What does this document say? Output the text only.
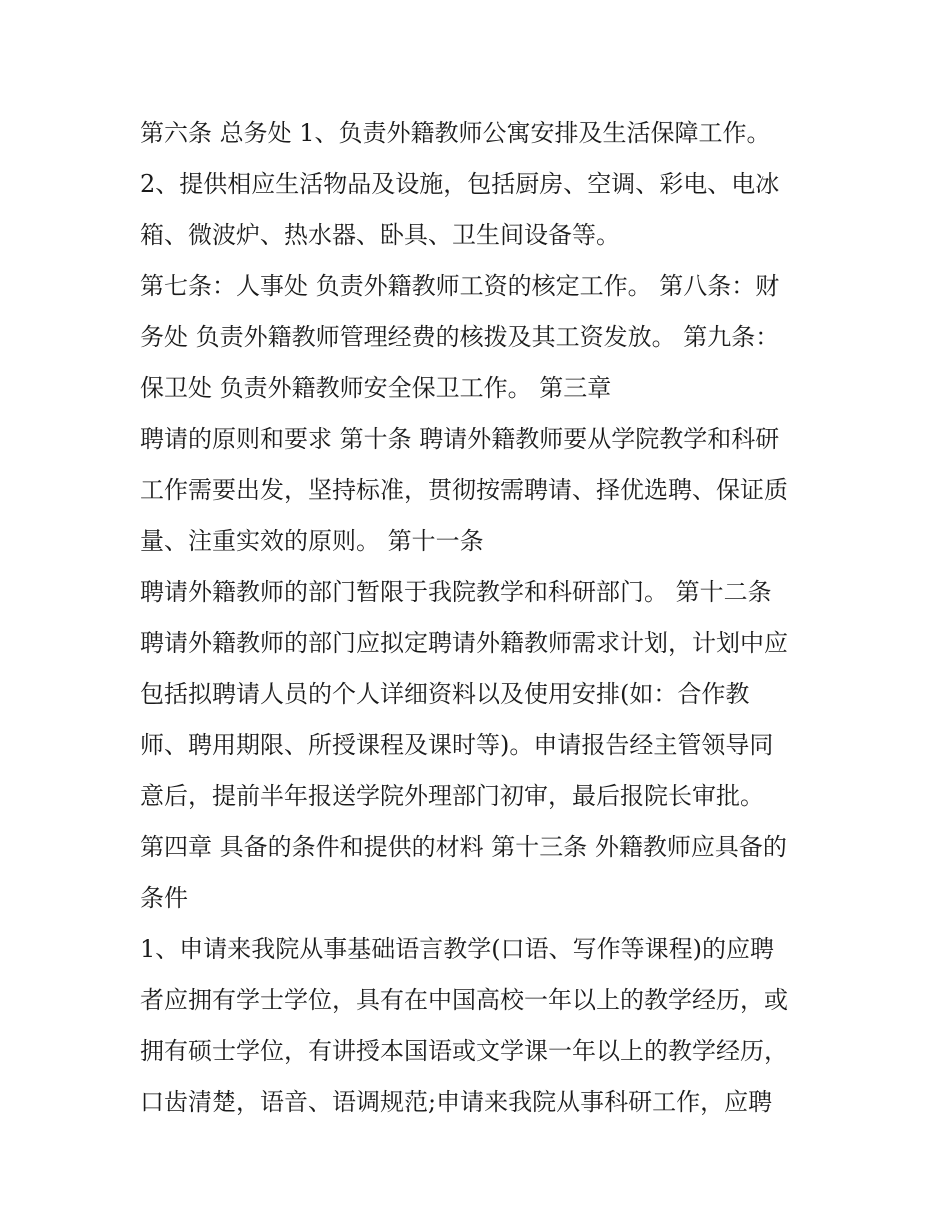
第六条 总务处 1、负责外籍教师公寓安排及生活保障工作。
2、提供相应生活物品及设施，包括厨房、空调、彩电、电冰
箱、微波炉、热水器、卧具、卫生间设备等。
第七条：人事处 负责外籍教师工资的核定工作。 第八条：财
务处 负责外籍教师管理经费的核拨及其工资发放。 第九条：
保卫处 负责外籍教师安全保卫工作。 第三章
聘请的原则和要求 第十条 聘请外籍教师要从学院教学和科研
工作需要出发，坚持标准，贯彻按需聘请、择优选聘、保证质
量、注重实效的原则。 第十一条
聘请外籍教师的部门暂限于我院教学和科研部门。 第十二条
聘请外籍教师的部门应拟定聘请外籍教师需求计划，计划中应
包括拟聘请人员的个人详细资料以及使用安排(如：合作教
师、聘用期限、所授课程及课时等)。申请报告经主管领导同
意后，提前半年报送学院外理部门初审，最后报院长审批。
第四章 具备的条件和提供的材料 第十三条 外籍教师应具备的
条件
1、申请来我院从事基础语言教学(口语、写作等课程)的应聘
者应拥有学士学位，具有在中国高校一年以上的教学经历，或
拥有硕士学位，有讲授本国语或文学课一年以上的教学经历，
口齿清楚，语音、语调规范;申请来我院从事科研工作，应聘
